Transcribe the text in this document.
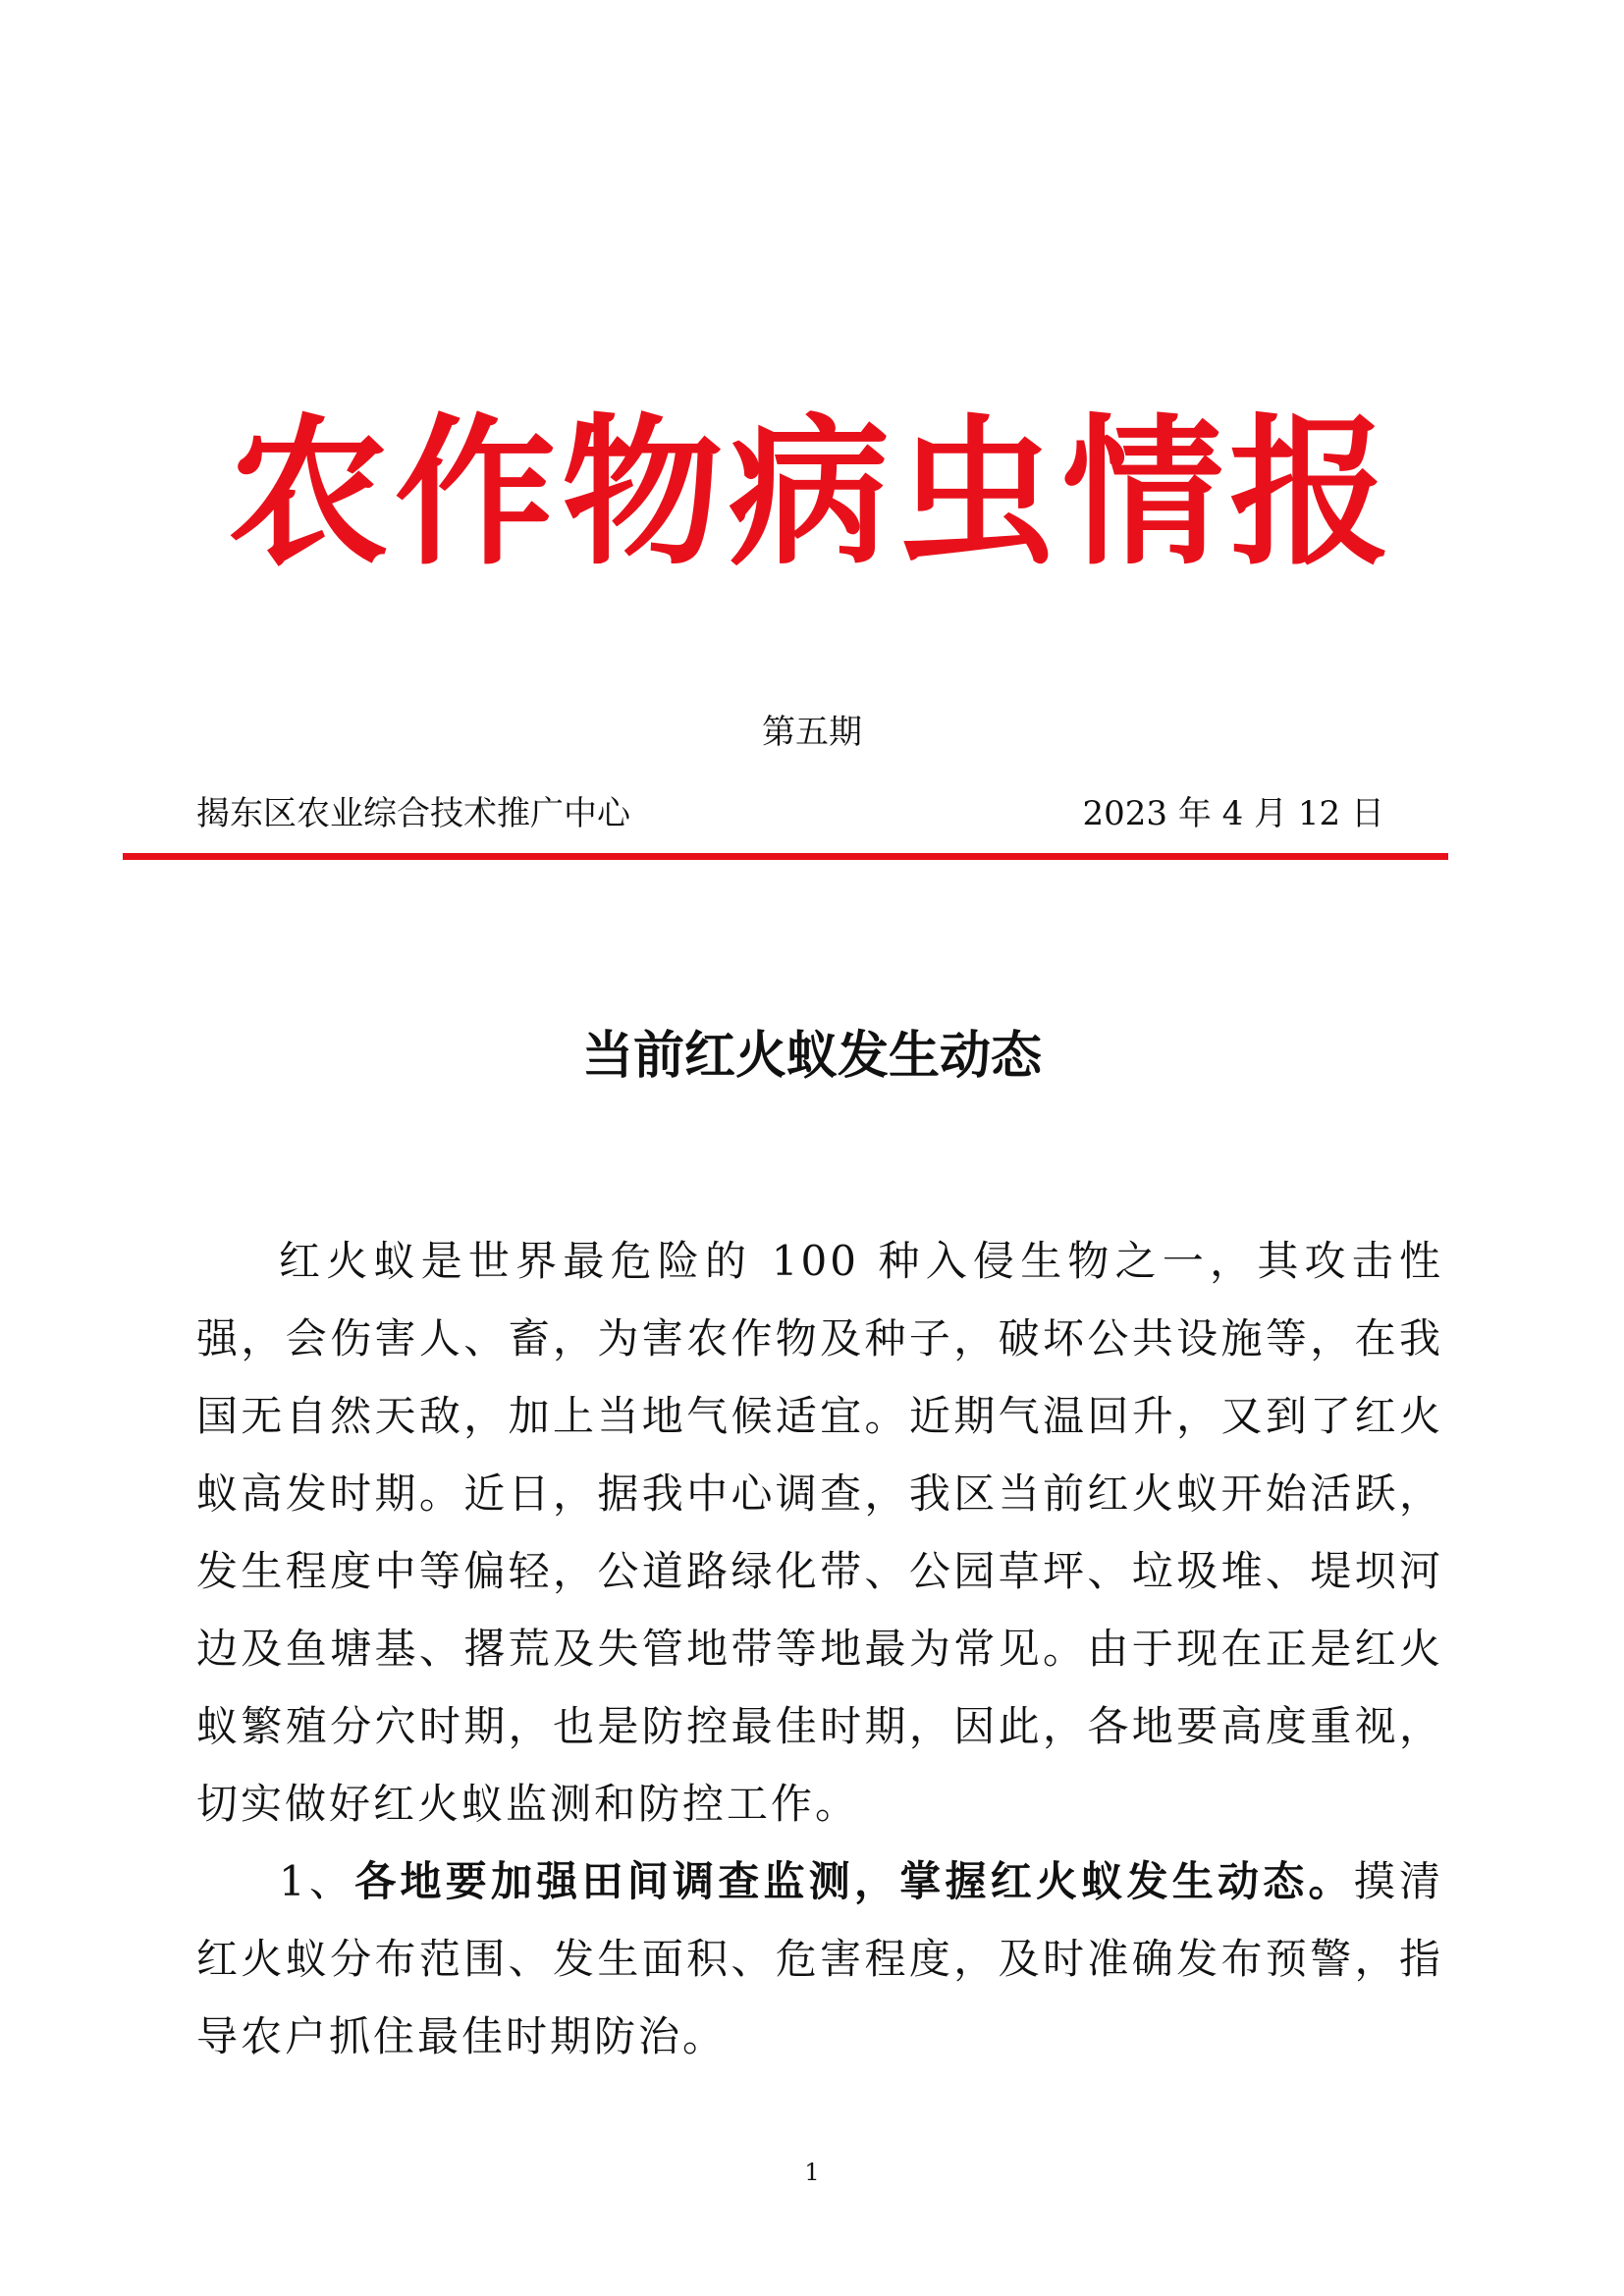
农作物病虫情报
第五期
揭东区农业综合技术推广中心	2023 年 4 月 12 日
当前红火蚁发生动态

红火蚁是世界最危险的 100 种入侵生物之一，其攻击性强，会伤害人、畜，为害农作物及种子，破坏公共设施等，在我国无自然天敌，加上当地气候适宜。近期气温回升，又到了红火蚁高发时期。近日，据我中心调查，我区当前红火蚁开始活跃，发生程度中等偏轻，公道路绿化带、公园草坪、垃圾堆、堤坝河边及鱼塘基、撂荒及失管地带等地最为常见。由于现在正是红火蚁繁殖分穴时期，也是防控最佳时期，因此，各地要高度重视，切实做好红火蚁监测和防控工作。

1、各地要加强田间调查监测，掌握红火蚁发生动态。摸清红火蚁分布范围、发生面积、危害程度，及时准确发布预警，指导农户抓住最佳时期防治。

1
